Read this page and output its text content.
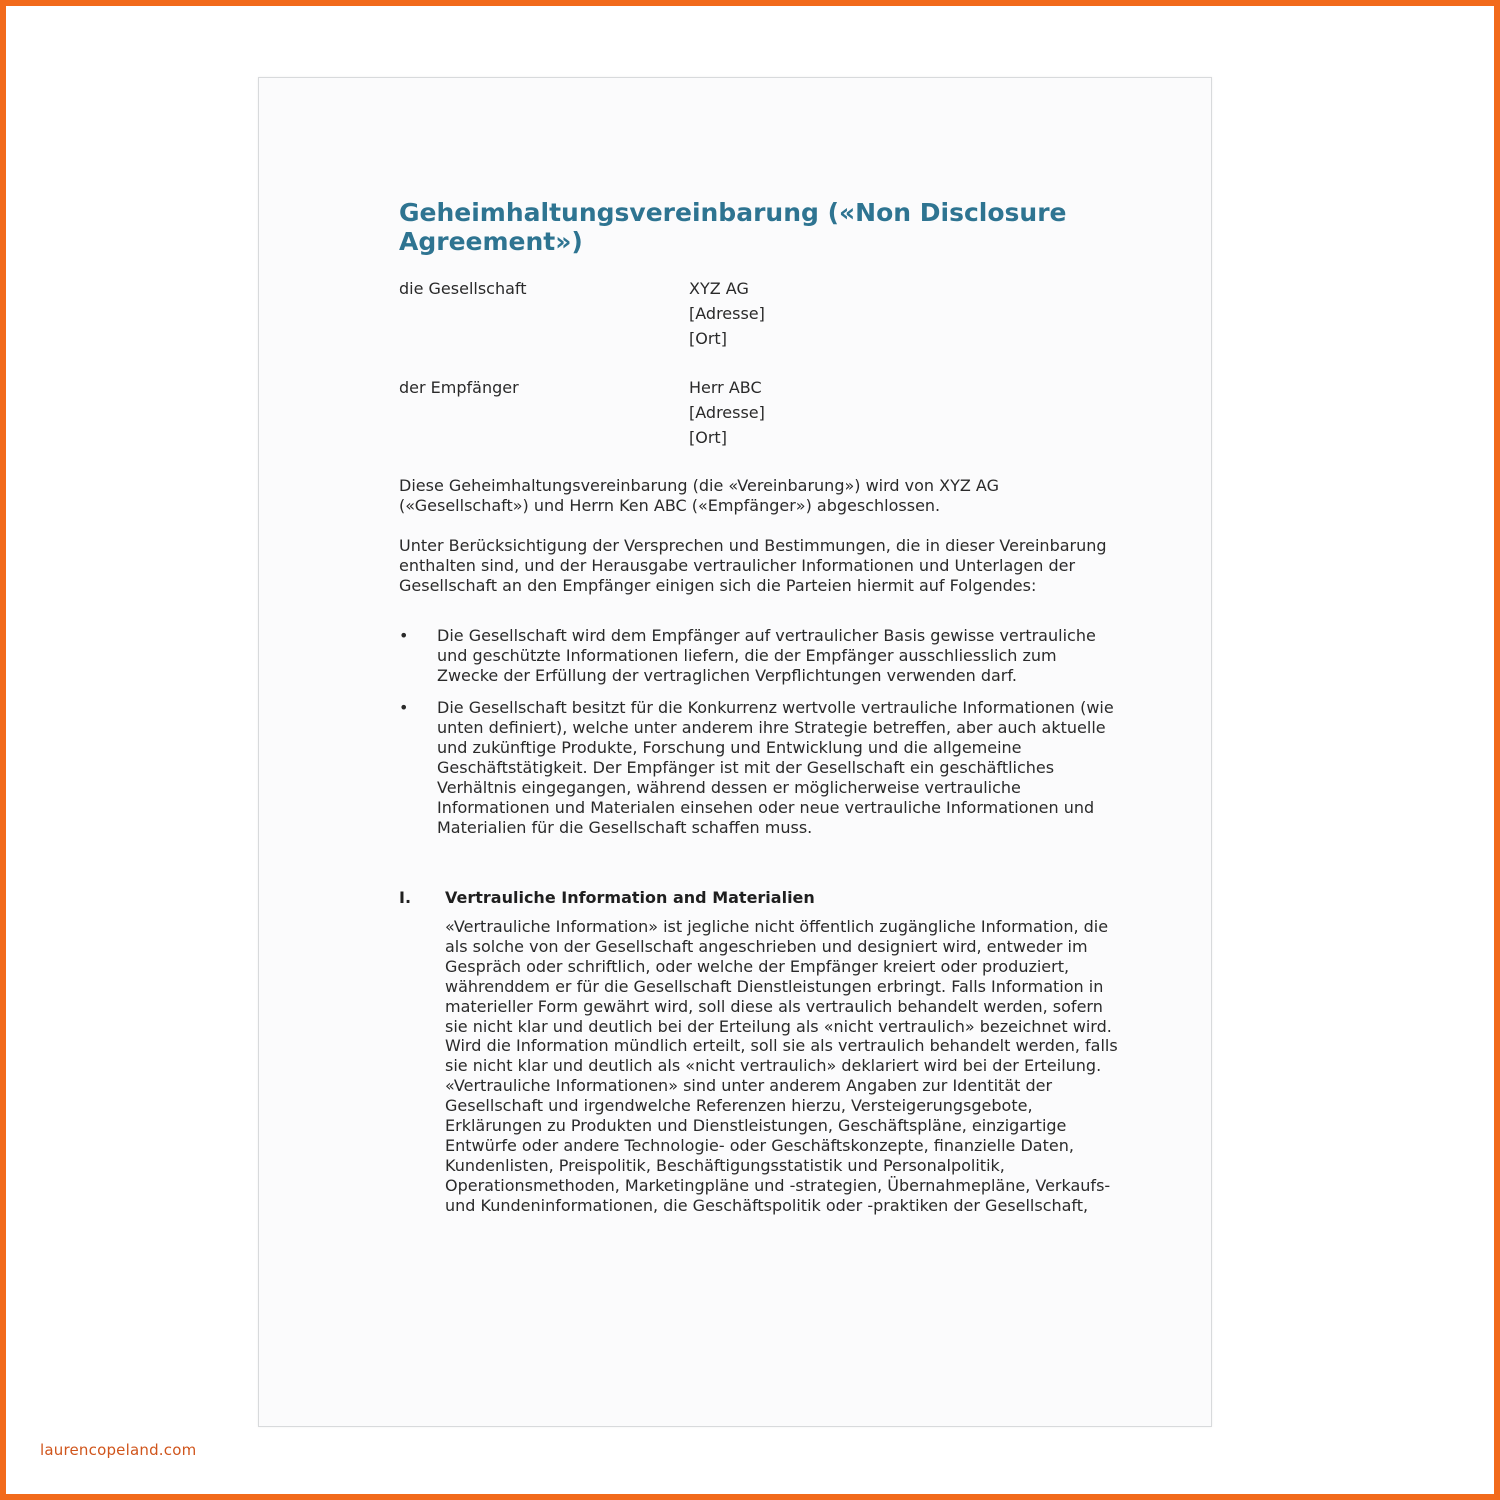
Geheimhaltungsvereinbarung («Non Disclosure Agreement»)
die Gesellschaft	XYZ AG
[Adresse]
[Ort]
der Empfänger	Herr ABC
[Adresse]
[Ort]

Diese Geheimhaltungsvereinbarung (die «Vereinbarung») wird von XYZ AG («Gesellschaft») und Herrn Ken ABC («Empfänger») abgeschlossen.

Unter Berücksichtigung der Versprechen und Bestimmungen, die in dieser Vereinbarung enthalten sind, und der Herausgabe vertraulicher Informationen und Unterlagen der Gesellschaft an den Empfänger einigen sich die Parteien hiermit auf Folgendes:

• Die Gesellschaft wird dem Empfänger auf vertraulicher Basis gewisse vertrauliche und geschützte Informationen liefern, die der Empfänger ausschliesslich zum Zwecke der Erfüllung der vertraglichen Verpflichtungen verwenden darf.
• Die Gesellschaft besitzt für die Konkurrenz wertvolle vertrauliche Informationen (wie unten definiert), welche unter anderem ihre Strategie betreffen, aber auch aktuelle und zukünftige Produkte, Forschung und Entwicklung und die allgemeine Geschäftstätigkeit. Der Empfänger ist mit der Gesellschaft ein geschäftliches Verhältnis eingegangen, während dessen er möglicherweise vertrauliche Informationen und Materialen einsehen oder neue vertrauliche Informationen und Materialien für die Gesellschaft schaffen muss.
I. Vertrauliche Information and Materialien

«Vertrauliche Information» ist jegliche nicht öffentlich zugängliche Information, die als solche von der Gesellschaft angeschrieben und designiert wird, entweder im Gespräch oder schriftlich, oder welche der Empfänger kreiert oder produziert, währenddem er für die Gesellschaft Dienstleistungen erbringt. Falls Information in materieller Form gewährt wird, soll diese als vertraulich behandelt werden, sofern sie nicht klar und deutlich bei der Erteilung als «nicht vertraulich» bezeichnet wird. Wird die Information mündlich erteilt, soll sie als vertraulich behandelt werden, falls sie nicht klar und deutlich als «nicht vertraulich» deklariert wird bei der Erteilung. «Vertrauliche Informationen» sind unter anderem Angaben zur Identität der Gesellschaft und irgendwelche Referenzen hierzu, Versteigerungsgebote, Erklärungen zu Produkten und Dienstleistungen, Geschäftspläne, einzigartige Entwürfe oder andere Technologie- oder Geschäftskonzepte, finanzielle Daten, Kundenlisten, Preispolitik, Beschäftigungsstatistik und Personalpolitik, Operationsmethoden, Marketingpläne und -strategien, Übernahmepläne, Verkaufs- und Kundeninformationen, die Geschäftspolitik oder -praktiken der Gesellschaft,

laurencopeland.com
